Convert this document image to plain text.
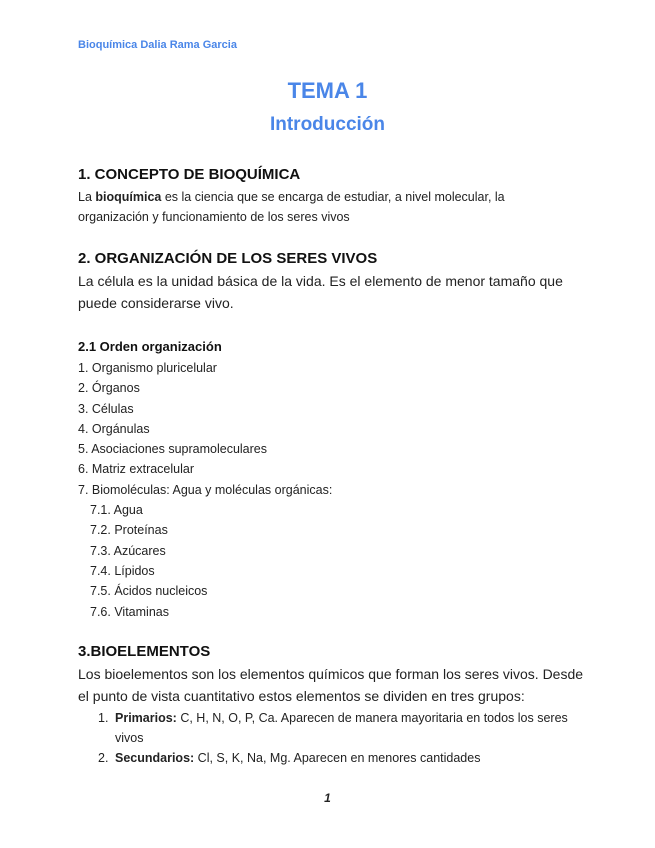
Bioquímica Dalia Rama Garcia
TEMA 1
Introducción
1. CONCEPTO DE BIOQUÍMICA
La bioquímica es la ciencia que se encarga de estudiar, a nivel molecular, la organización y funcionamiento de los seres vivos
2. ORGANIZACIÓN DE LOS SERES VIVOS
La célula es la unidad básica de la vida. Es el elemento de menor tamaño que puede considerarse vivo.
2.1 Orden organización
1. Organismo pluricelular
2. Órganos
3. Células
4. Orgánulas
5. Asociaciones supramoleculares
6. Matriz extracelular
7. Biomoléculas: Agua y moléculas orgánicas:
7.1. Agua
7.2. Proteínas
7.3. Azúcares
7.4. Lípidos
7.5. Ácidos nucleicos
7.6. Vitaminas
3.BIOELEMENTOS
Los bioelementos son los elementos químicos que forman los seres vivos. Desde el punto de vista cuantitativo estos elementos se dividen en tres grupos:
1. Primarios: C, H, N, O, P, Ca. Aparecen de manera mayoritaria en todos los seres vivos
2. Secundarios: Cl, S, K, Na, Mg. Aparecen en menores cantidades
1
